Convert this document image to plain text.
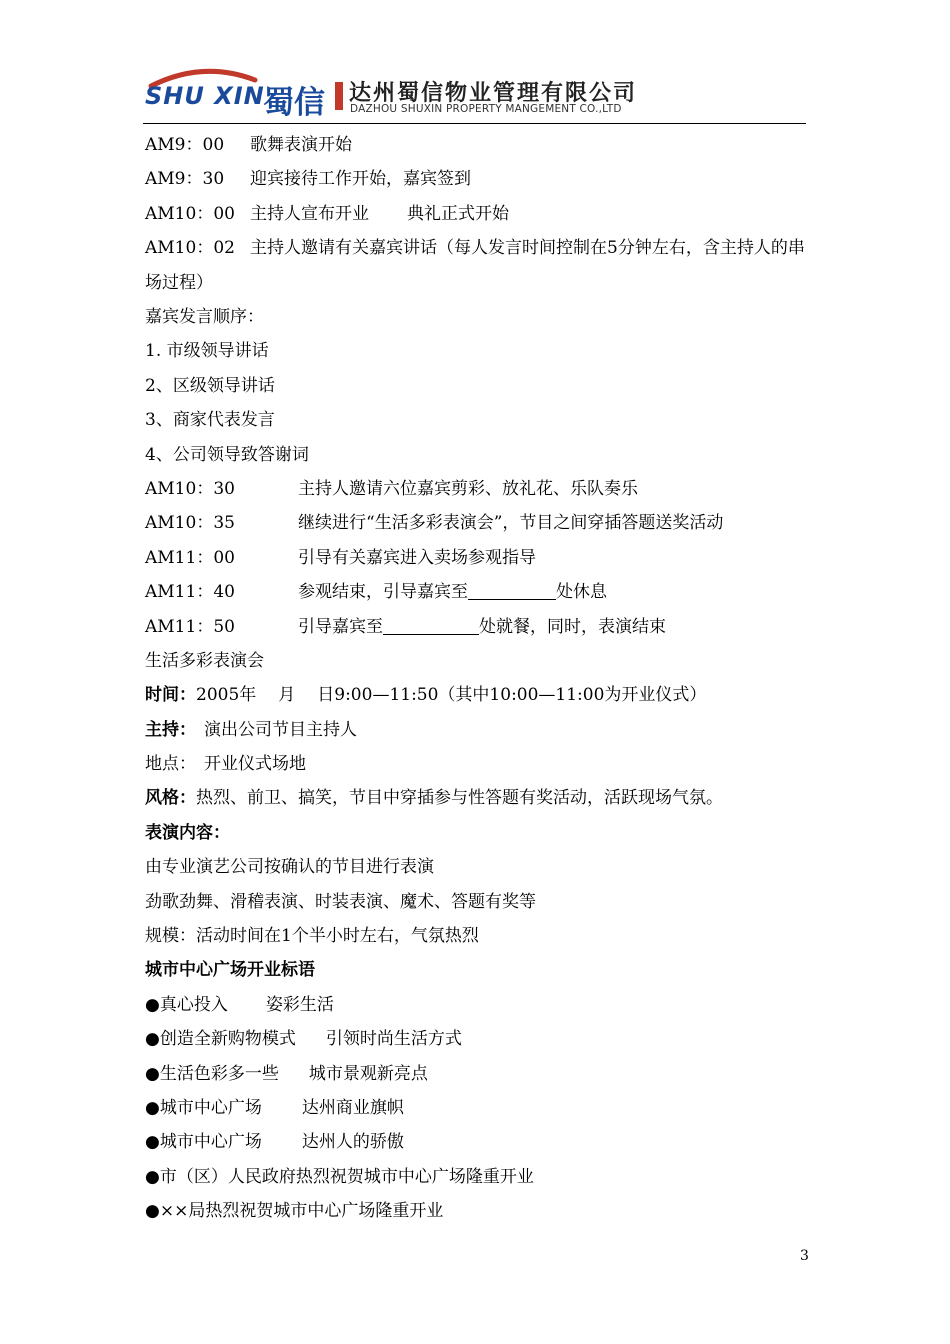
SHU XIN
蜀信 达州蜀信物业管理有限公司
DAZHOU SHUXIN PROPERTY MANGEMENT CO.,LTD
AM9：00 歌舞表演开始
AM9：30 迎宾接待工作开始，嘉宾签到
AM10：00 主持人宣布开业 典礼正式开始
AM10：02 主持人邀请有关嘉宾讲话（每人发言时间控制在5分钟左右，含主持人的串场过程）
嘉宾发言顺序：
1. 市级领导讲话
2、区级领导讲话
3、商家代表发言
4、公司领导致答谢词
AM10：30	主持人邀请六位嘉宾剪彩、放礼花、乐队奏乐
AM10：35	继续进行“生活多彩表演会”，节目之间穿插答题送奖活动
AM11：00	引导有关嘉宾进入卖场参观指导
AM11：40	参观结束，引导嘉宾至	处休息
AM11：50	引导嘉宾至	处就餐，同时，表演结束
生活多彩表演会
时间：2005年 月 日9:00—11:50（其中10:00—11:00为开业仪式）
主持： 演出公司节目主持人
地点： 开业仪式场地
风格：热烈、前卫、搞笑，节目中穿插参与性答题有奖活动，活跃现场气氛。
表演内容：
由专业演艺公司按确认的节目进行表演
劲歌劲舞、滑稽表演、时装表演、魔术、答题有奖等
规模：活动时间在1个半小时左右，气氛热烈
城市中心广场开业标语
●真心投入 姿彩生活
●创造全新购物模式 引领时尚生活方式
●生活色彩多一些 城市景观新亮点
●城市中心广场 达州商业旗帜
●城市中心广场 达州人的骄傲
●市（区）人民政府热烈祝贺城市中心广场隆重开业
●××局热烈祝贺城市中心广场隆重开业
3
